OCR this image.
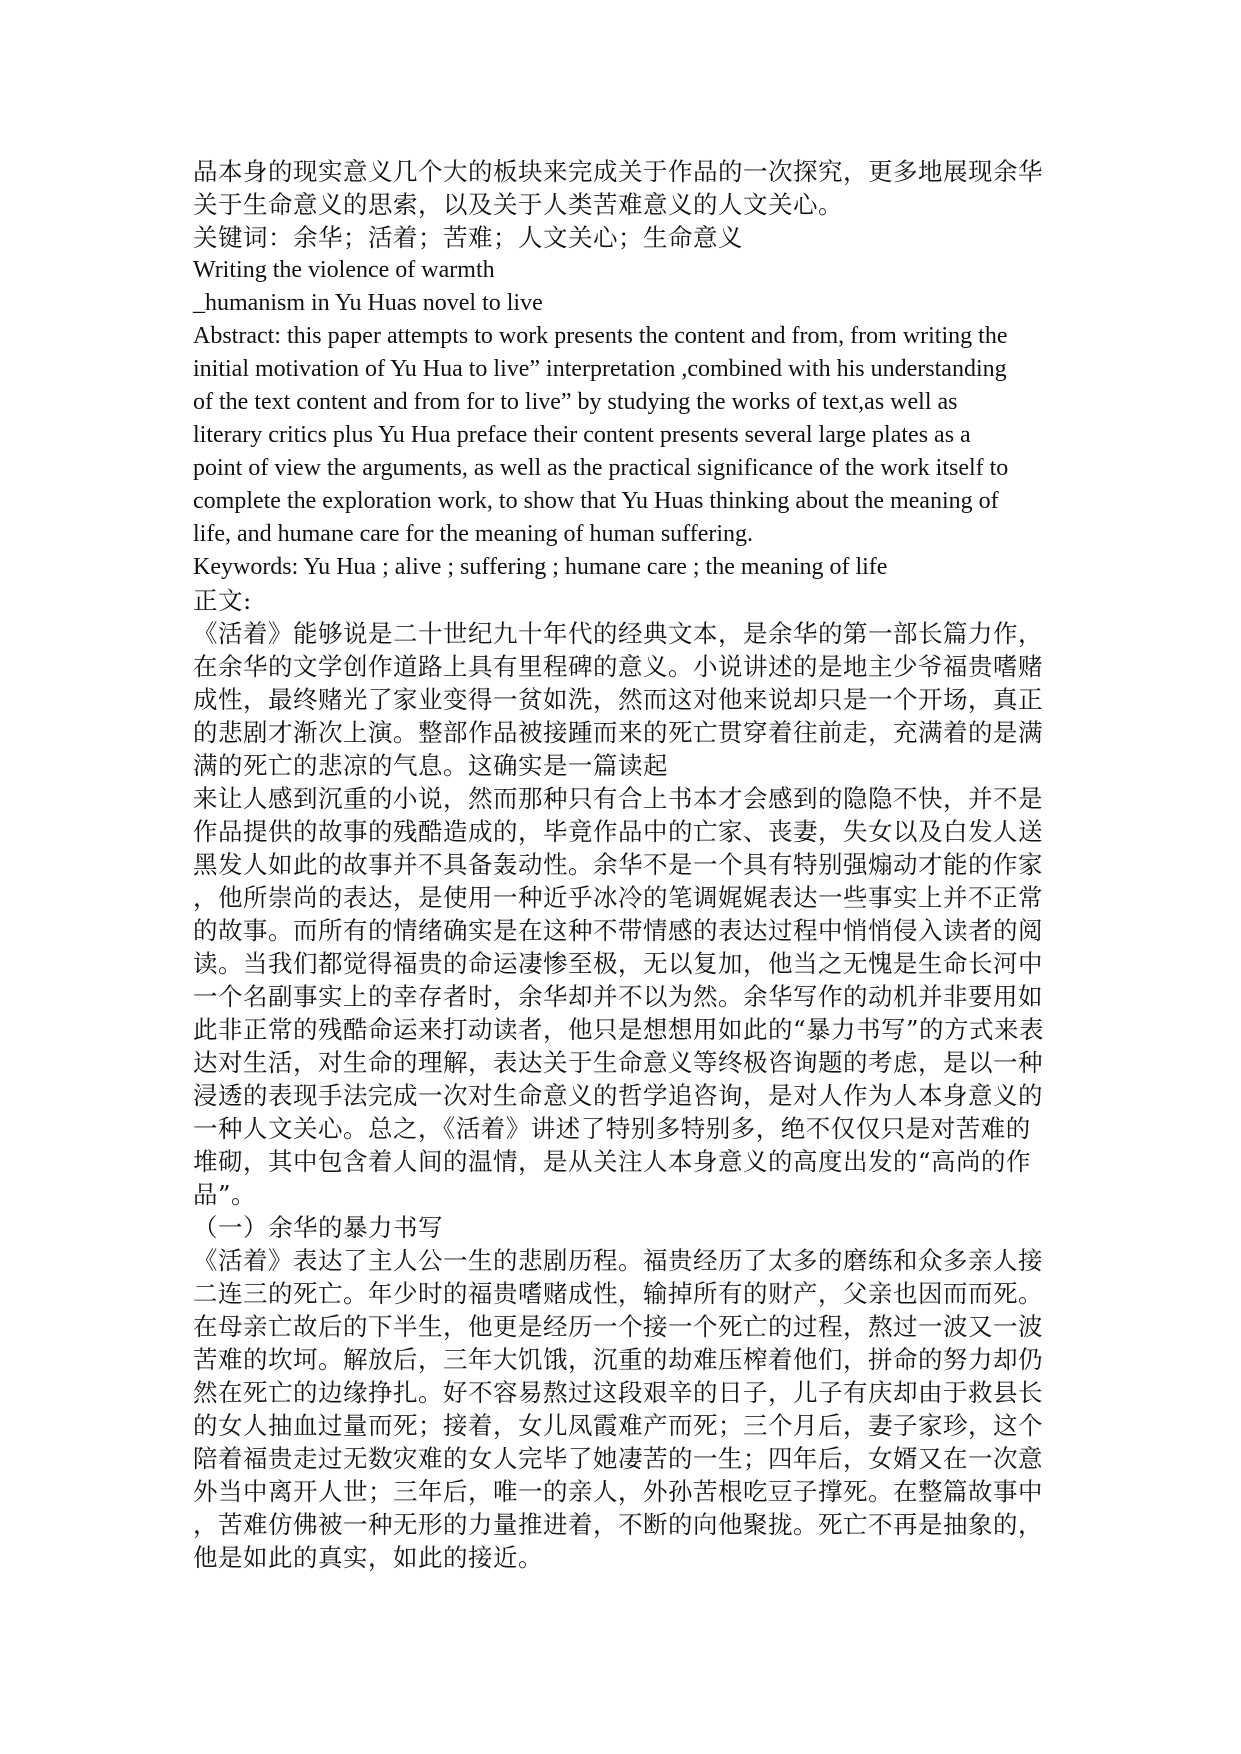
品本身的现实意义几个大的板块来完成关于作品的一次探究，更多地展现余华

关于生命意义的思索，以及关于人类苦难意义的人文关心。

关键词：余华；活着；苦难；人文关心；生命意义

Writing the violence of warmth

_humanism in Yu Huas novel to live

Abstract: this paper attempts to work presents the content and from, from writing the

initial motivation of Yu Hua to live” interpretation ,combined with his understanding

of the text content and from for to live” by studying the works of text,as well as

literary critics plus Yu Hua preface their content presents several large plates as a

point of view the arguments, as well as the practical significance of the work itself to

complete the exploration work, to show that Yu Huas thinking about the meaning of

life, and humane care for the meaning of human suffering.

Keywords: Yu Hua ; alive ; suffering ; humane care ; the meaning of life

正文:

《活着》能够说是二十世纪九十年代的经典文本，是余华的第一部长篇力作，

在余华的文学创作道路上具有里程碑的意义。小说讲述的是地主少爷福贵嗜赌

成性，最终赌光了家业变得一贫如洗，然而这对他来说却只是一个开场，真正

的悲剧才渐次上演。整部作品被接踵而来的死亡贯穿着往前走，充满着的是满

满的死亡的悲凉的气息。这确实是一篇读起

来让人感到沉重的小说，然而那种只有合上书本才会感到的隐隐不快，并不是

作品提供的故事的残酷造成的，毕竟作品中的亡家、丧妻，失女以及白发人送

黑发人如此的故事并不具备轰动性。余华不是一个具有特别强煽动才能的作家

，他所崇尚的表达，是使用一种近乎冰冷的笔调娓娓表达一些事实上并不正常

的故事。而所有的情绪确实是在这种不带情感的表达过程中悄悄侵入读者的阅

读。当我们都觉得福贵的命运凄惨至极，无以复加，他当之无愧是生命长河中

一个名副事实上的幸存者时，余华却并不以为然。余华写作的动机并非要用如

此非正常的残酷命运来打动读者，他只是想想用如此的“暴力书写”的方式来表

达对生活，对生命的理解，表达关于生命意义等终极咨询题的考虑，是以一种

浸透的表现手法完成一次对生命意义的哲学追咨询，是对人作为人本身意义的

一种人文关心。总之，《活着》讲述了特别多特别多，绝不仅仅只是对苦难的

堆砌，其中包含着人间的温情，是从关注人本身意义的高度出发的“高尚的作

品”。

（一）余华的暴力书写

《活着》表达了主人公一生的悲剧历程。福贵经历了太多的磨练和众多亲人接

二连三的死亡。年少时的福贵嗜赌成性，输掉所有的财产，父亲也因而而死。

在母亲亡故后的下半生，他更是经历一个接一个死亡的过程，熬过一波又一波

苦难的坎坷。解放后，三年大饥饿，沉重的劫难压榨着他们，拼命的努力却仍

然在死亡的边缘挣扎。好不容易熬过这段艰辛的日子，儿子有庆却由于救县长

的女人抽血过量而死；接着，女儿凤霞难产而死；三个月后，妻子家珍，这个

陪着福贵走过无数灾难的女人完毕了她凄苦的一生；四年后，女婿又在一次意

外当中离开人世；三年后，唯一的亲人，外孙苦根吃豆子撑死。在整篇故事中

，苦难仿佛被一种无形的力量推进着，不断的向他聚拢。死亡不再是抽象的，

他是如此的真实，如此的接近。
